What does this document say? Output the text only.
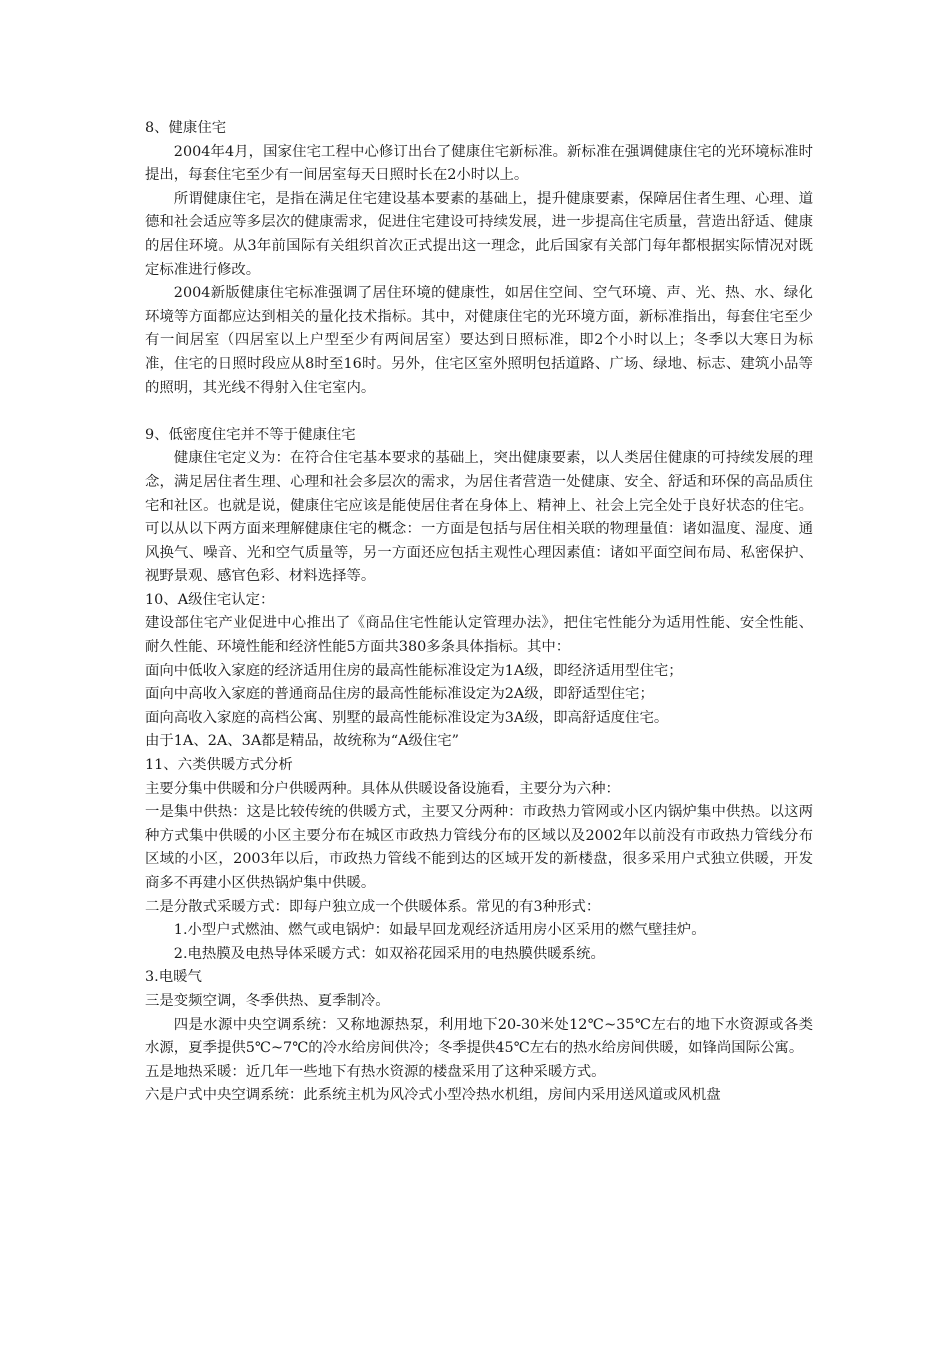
8、健康住宅

2004年4月，国家住宅工程中心修订出台了健康住宅新标准。新标准在强调健康住宅的光环境标准时提出，每套住宅至少有一间居室每天日照时长在2小时以上。

所谓健康住宅，是指在满足住宅建设基本要素的基础上，提升健康要素，保障居住者生理、心理、道德和社会适应等多层次的健康需求，促进住宅建设可持续发展，进一步提高住宅质量，营造出舒适、健康的居住环境。从3年前国际有关组织首次正式提出这一理念，此后国家有关部门每年都根据实际情况对既定标准进行修改。

2004新版健康住宅标准强调了居住环境的健康性，如居住空间、空气环境、声、光、热、水、绿化环境等方面都应达到相关的量化技术指标。其中，对健康住宅的光环境方面，新标准指出，每套住宅至少有一间居室（四居室以上户型至少有两间居室）要达到日照标准，即2个小时以上；冬季以大寒日为标准，住宅的日照时段应从8时至16时。另外，住宅区室外照明包括道路、广场、绿地、标志、建筑小品等的照明，其光线不得射入住宅室内。

9、低密度住宅并不等于健康住宅

健康住宅定义为：在符合住宅基本要求的基础上，突出健康要素，以人类居住健康的可持续发展的理念，满足居住者生理、心理和社会多层次的需求，为居住者营造一处健康、安全、舒适和环保的高品质住宅和社区。也就是说，健康住宅应该是能使居住者在身体上、精神上、社会上完全处于良好状态的住宅。可以从以下两方面来理解健康住宅的概念：一方面是包括与居住相关联的物理量值：诸如温度、湿度、通风换气、噪音、光和空气质量等，另一方面还应包括主观性心理因素值：诸如平面空间布局、私密保护、视野景观、感官色彩、材料选择等。

10、A级住宅认定：

建设部住宅产业促进中心推出了《商品住宅性能认定管理办法》，把住宅性能分为适用性能、安全性能、耐久性能、环境性能和经济性能5方面共380多条具体指标。其中：

面向中低收入家庭的经济适用住房的最高性能标准设定为1A级，即经济适用型住宅；

面向中高收入家庭的普通商品住房的最高性能标准设定为2A级，即舒适型住宅；

面向高收入家庭的高档公寓、别墅的最高性能标准设定为3A级，即高舒适度住宅。

由于1A、2A、3A都是精品，故统称为“A级住宅”

11、六类供暖方式分析

主要分集中供暖和分户供暖两种。具体从供暖设备设施看，主要分为六种：

一是集中供热：这是比较传统的供暖方式，主要又分两种：市政热力管网或小区内锅炉集中供热。以这两种方式集中供暖的小区主要分布在城区市政热力管线分布的区域以及2002年以前没有市政热力管线分布区域的小区，2003年以后，市政热力管线不能到达的区域开发的新楼盘，很多采用户式独立供暖，开发商多不再建小区供热锅炉集中供暖。

二是分散式采暖方式：即每户独立成一个供暖体系。常见的有3种形式：

1.小型户式燃油、燃气或电锅炉：如最早回龙观经济适用房小区采用的燃气壁挂炉。

2.电热膜及电热导体采暖方式：如双裕花园采用的电热膜供暖系统。

3.电暖气

三是变频空调，冬季供热、夏季制冷。

四是水源中央空调系统：又称地源热泵，利用地下20-30米处12℃~35℃左右的地下水资源或各类水源，夏季提供5℃~7℃的冷水给房间供冷；冬季提供45℃左右的热水给房间供暖，如锋尚国际公寓。

五是地热采暖：近几年一些地下有热水资源的楼盘采用了这种采暖方式。

六是户式中央空调系统：此系统主机为风冷式小型冷热水机组，房间内采用送风道或风机盘
